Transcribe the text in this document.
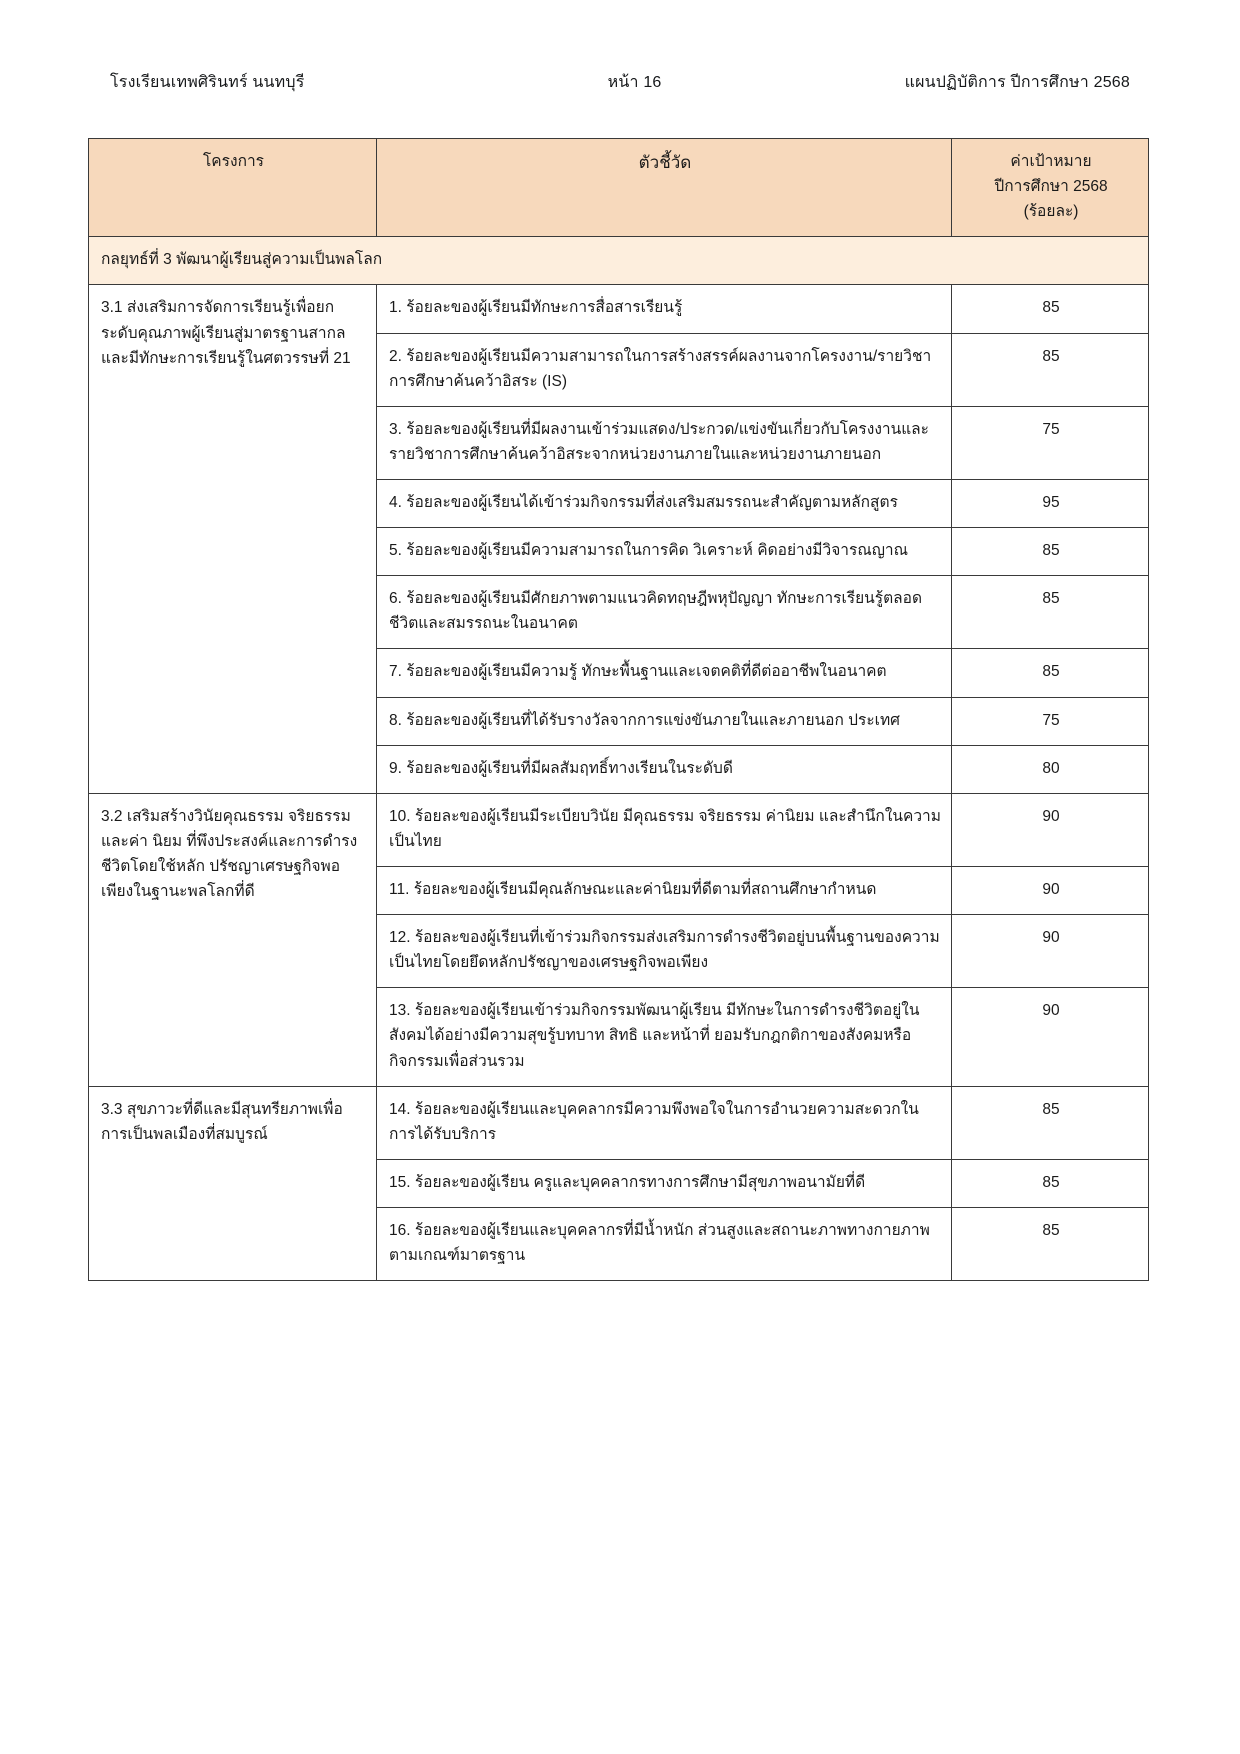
โรงเรียนเทพศิรินทร์ นนทบุรี	หน้า 16	แผนปฏิบัติการ ปีการศึกษา 2568
โครงการ	ตัวชี้วัด	ค่าเป้าหมาย
ปีการศึกษา 2568
(ร้อยละ)

กลยุทธ์ที่ 3 พัฒนาผู้เรียนสู่ความเป็นพลโลก		
3.1 ส่งเสริมการจัดการเรียนรู้เพื่อยกระดับคุณภาพผู้เรียนสู่มาตรฐานสากลและมีทักษะการเรียนรู้ในศตวรรษที่ 21	1. ร้อยละของผู้เรียนมีทักษะการสื่อสารเรียนรู้	85
	2. ร้อยละของผู้เรียนมีความสามารถในการสร้างสรรค์ผลงานจากโครงงาน/รายวิชาการศึกษาค้นคว้าอิสระ (IS)	85
	3. ร้อยละของผู้เรียนที่มีผลงานเข้าร่วมแสดง/ประกวด/แข่งขันเกี่ยวกับโครงงานและรายวิชาการศึกษาค้นคว้าอิสระจากหน่วยงานภายในและหน่วยงานภายนอก	75
	4. ร้อยละของผู้เรียนได้เข้าร่วมกิจกรรมที่ส่งเสริมสมรรถนะสำคัญตามหลักสูตร	95
	5. ร้อยละของผู้เรียนมีความสามารถในการคิด วิเคราะห์ คิดอย่างมีวิจารณญาณ	85
	6. ร้อยละของผู้เรียนมีศักยภาพตามแนวคิดทฤษฎีพหุปัญญา ทักษะการเรียนรู้ตลอดชีวิตและสมรรถนะในอนาคต	85
	7. ร้อยละของผู้เรียนมีความรู้ ทักษะพื้นฐานและเจตคติที่ดีต่ออาชีพในอนาคต	85
	8. ร้อยละของผู้เรียนที่ได้รับรางวัลจากการแข่งขันภายในและภายนอก ประเทศ	75
	9. ร้อยละของผู้เรียนที่มีผลสัมฤทธิ์ทางเรียนในระดับดี	80
3.2 เสริมสร้างวินัยคุณธรรม จริยธรรมและค่า นิยม ที่พึงประสงค์และการดำรงชีวิตโดยใช้หลัก ปรัชญาเศรษฐกิจพอเพียงในฐานะพลโลกที่ดี	10. ร้อยละของผู้เรียนมีระเบียบวินัย มีคุณธรรม จริยธรรม ค่านิยม และสำนึกในความเป็นไทย	90
	11. ร้อยละของผู้เรียนมีคุณลักษณะและค่านิยมที่ดีตามที่สถานศึกษากำหนด	90
	12. ร้อยละของผู้เรียนที่เข้าร่วมกิจกรรมส่งเสริมการดำรงชีวิตอยู่บนพื้นฐานของความเป็นไทยโดยยึดหลักปรัชญาของเศรษฐกิจพอเพียง	90
	13. ร้อยละของผู้เรียนเข้าร่วมกิจกรรมพัฒนาผู้เรียน มีทักษะในการดำรงชีวิตอยู่ในสังคมได้อย่างมีความสุขรู้บทบาท สิทธิ และหน้าที่ ยอมรับกฎกติกาของสังคมหรือกิจกรรมเพื่อส่วนรวม	90
3.3 สุขภาวะที่ดีและมีสุนทรียภาพเพื่อการเป็นพลเมืองที่สมบูรณ์	14. ร้อยละของผู้เรียนและบุคคลากรมีความพึงพอใจในการอำนวยความสะดวกในการได้รับบริการ	85
	15. ร้อยละของผู้เรียน ครูและบุคคลากรทางการศึกษามีสุขภาพอนามัยที่ดี	85
	16. ร้อยละของผู้เรียนและบุคคลากรที่มีน้ำหนัก ส่วนสูงและสถานะภาพทางกายภาพ ตามเกณฑ์มาตรฐาน	85
